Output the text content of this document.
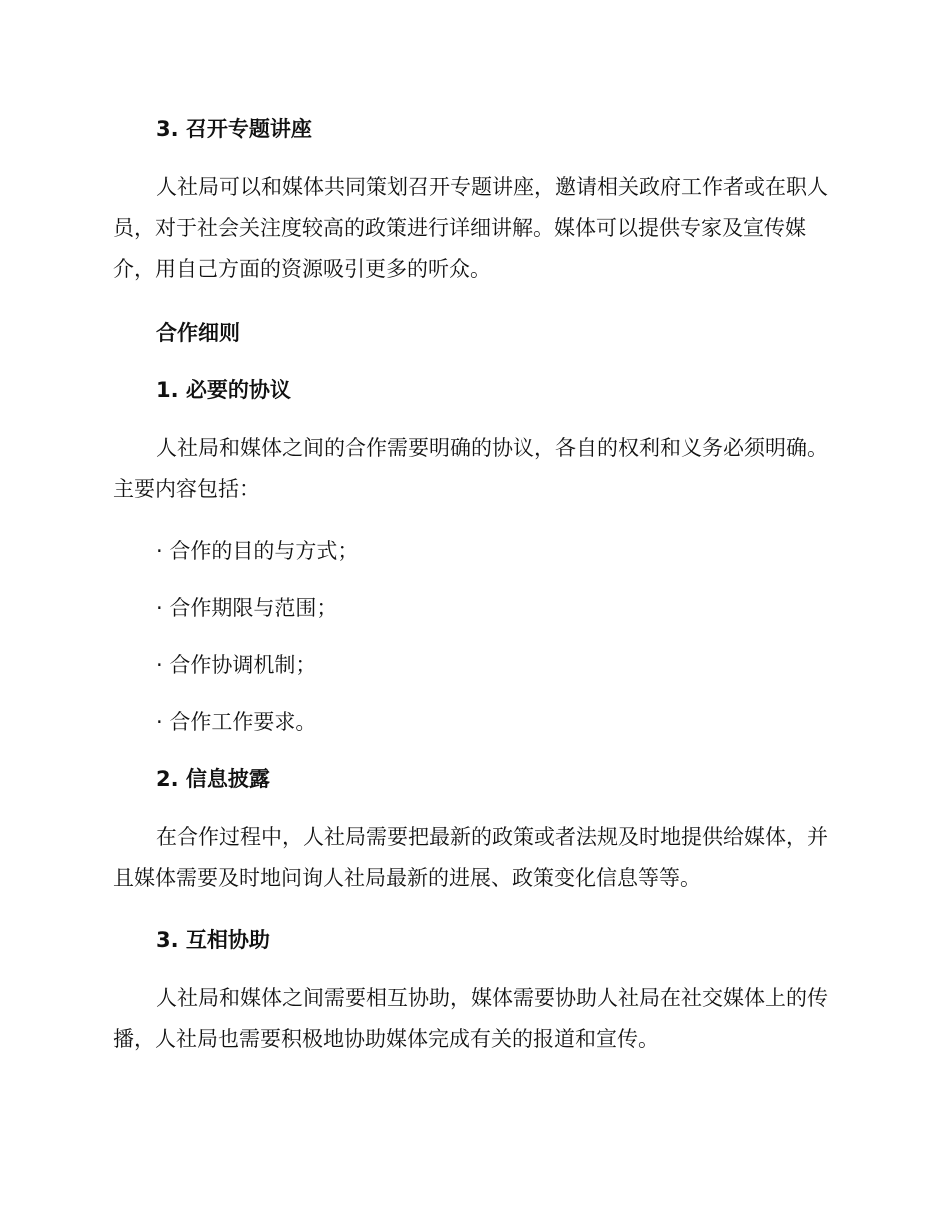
3. 召开专题讲座
人社局可以和媒体共同策划召开专题讲座，邀请相关政府工作者或在职人员，对于社会关注度较高的政策进行详细讲解。媒体可以提供专家及宣传媒介，用自己方面的资源吸引更多的听众。
合作细则
1. 必要的协议
人社局和媒体之间的合作需要明确的协议，各自的权利和义务必须明确。主要内容包括：
· 合作的目的与方式；
· 合作期限与范围；
· 合作协调机制；
· 合作工作要求。
2. 信息披露
在合作过程中，人社局需要把最新的政策或者法规及时地提供给媒体，并且媒体需要及时地问询人社局最新的进展、政策变化信息等等。
3. 互相协助
人社局和媒体之间需要相互协助，媒体需要协助人社局在社交媒体上的传播，人社局也需要积极地协助媒体完成有关的报道和宣传。
